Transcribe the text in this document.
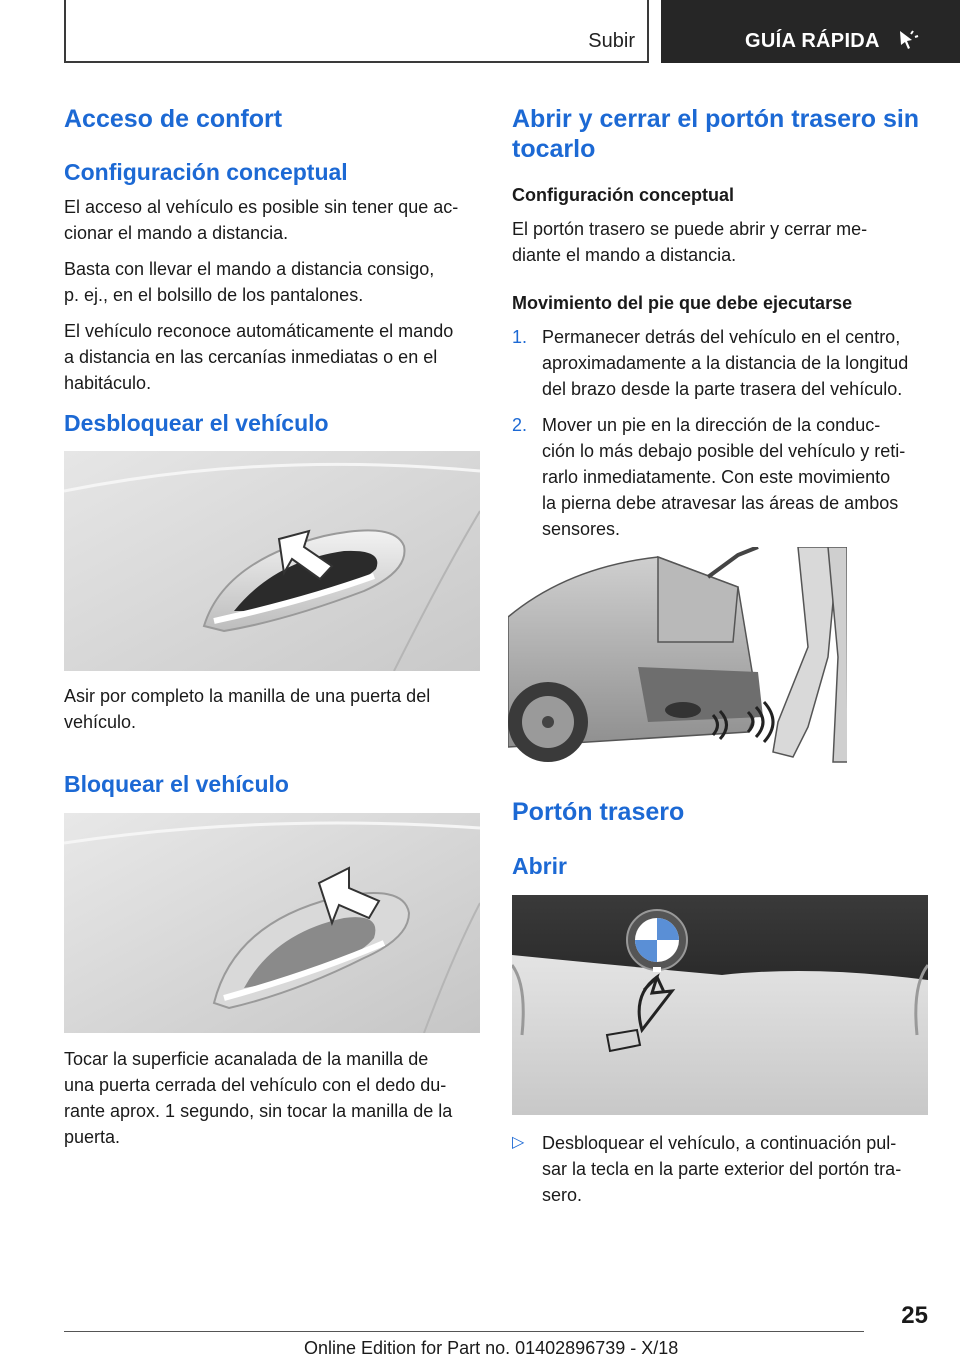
Subir	GUÍA RÁPIDA
Acceso de confort
Configuración conceptual

El acceso al vehículo es posible sin tener que ac-

cionar el mando a distancia.

Basta con llevar el mando a distancia consigo,

p. ej., en el bolsillo de los pantalones.

El vehículo reconoce automáticamente el mando

a distancia en las cercanías inmediatas o en el

habitáculo.

Desbloquear el vehículo

Asir por completo la manilla de una puerta del

vehículo.

Bloquear el vehículo

Tocar la superficie acanalada de la manilla de

una puerta cerrada del vehículo con el dedo du-

rante aprox. 1 segundo, sin tocar la manilla de la

puerta.

Abrir y cerrar el portón trasero sin
tocarlo
Configuración conceptual

El portón trasero se puede abrir y cerrar me-

diante el mando a distancia.

Movimiento del pie que debe ejecutarse
1. Permanecer detrás del vehículo en el centro,
aproximadamente a la distancia de la longitud
del brazo desde la parte trasera del vehículo.
2. Mover un pie en la dirección de la conduc-
ción lo más debajo posible del vehículo y reti-
rarlo inmediatamente. Con este movimiento
la pierna debe atravesar las áreas de ambos
sensores.
Portón trasero
Abrir
▷ Desbloquear el vehículo, a continuación pul-
sar la tecla en la parte exterior del portón tra-
sero.
25
Online Edition for Part no. 01402896739 - X/18
